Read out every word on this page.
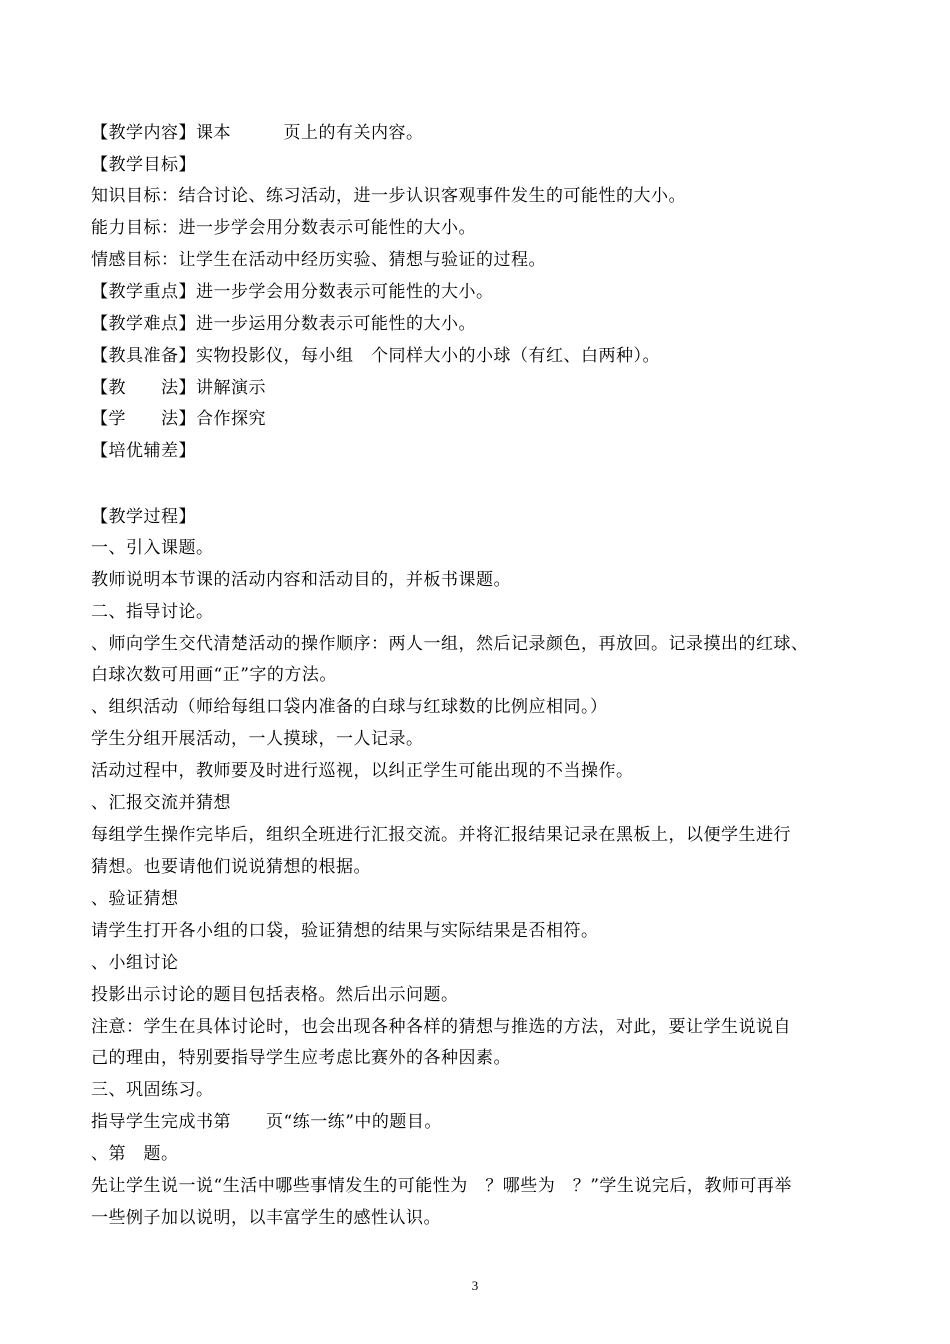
【教学内容】课本　　　页上的有关内容。
【教学目标】
知识目标：结合讨论、练习活动，进一步认识客观事件发生的可能性的大小。
能力目标：进一步学会用分数表示可能性的大小。
情感目标：让学生在活动中经历实验、猜想与验证的过程。
【教学重点】进一步学会用分数表示可能性的大小。
【教学难点】进一步运用分数表示可能性的大小。
【教具准备】实物投影仪，每小组　个同样大小的小球（有红、白两种）。
【教　　法】讲解演示
【学　　法】合作探究
【培优辅差】
【教学过程】
一、引入课题。
教师说明本节课的活动内容和活动目的，并板书课题。
二、指导讨论。
、师向学生交代清楚活动的操作顺序：两人一组，然后记录颜色，再放回。记录摸出的红球、
白球次数可用画“正”字的方法。
、组织活动（师给每组口袋内准备的白球与红球数的比例应相同。）
学生分组开展活动，一人摸球，一人记录。
活动过程中，教师要及时进行巡视，以纠正学生可能出现的不当操作。
、汇报交流并猜想
每组学生操作完毕后，组织全班进行汇报交流。并将汇报结果记录在黑板上，以便学生进行
猜想。也要请他们说说猜想的根据。
、验证猜想
请学生打开各小组的口袋，验证猜想的结果与实际结果是否相符。
、小组讨论
投影出示讨论的题目包括表格。然后出示问题。
注意：学生在具体讨论时，也会出现各种各样的猜想与推选的方法，对此，要让学生说说自
己的理由，特别要指导学生应考虑比赛外的各种因素。
三、巩固练习。
指导学生完成书第　　页“练一练”中的题目。
、第　题。
先让学生说一说“生活中哪些事情发生的可能性为　？哪些为　？”学生说完后，教师可再举
一些例子加以说明，以丰富学生的感性认识。
3
